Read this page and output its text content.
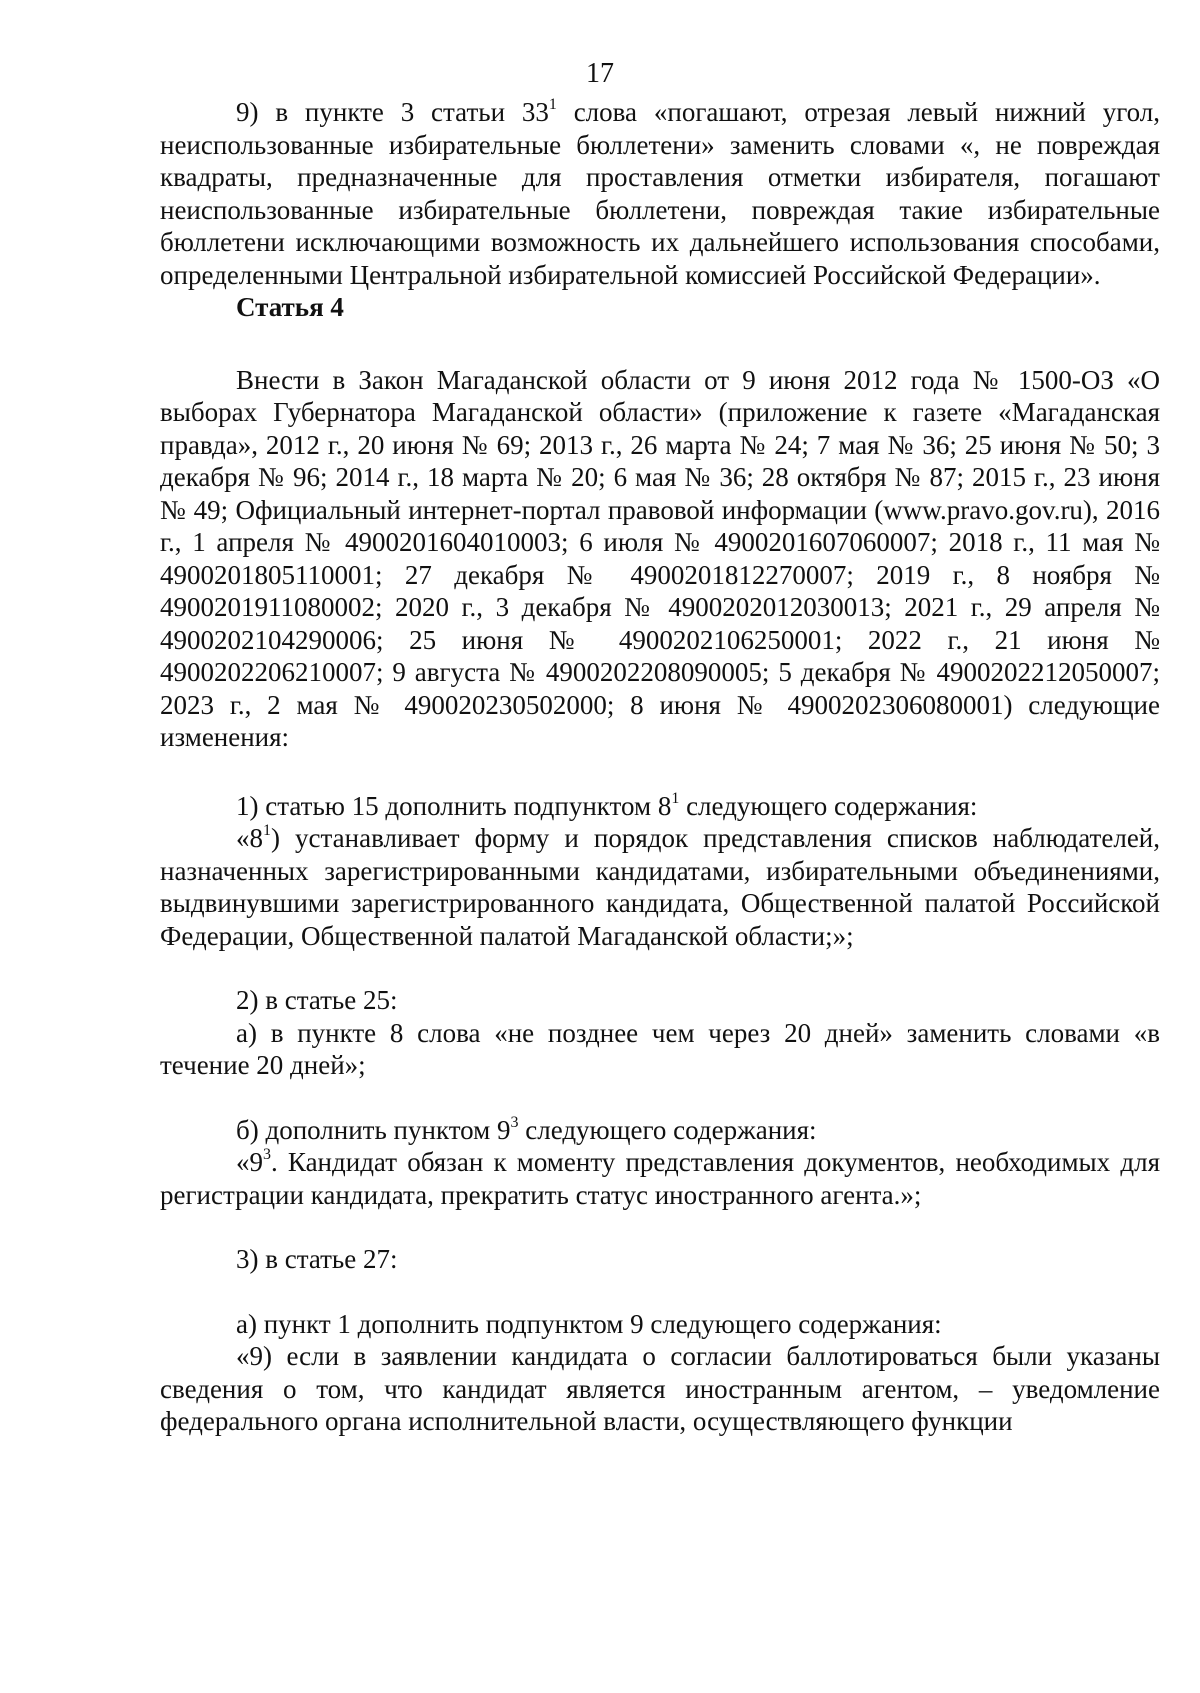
17

9) в пункте 3 статьи $33^1$ слова «погашают, отрезая левый нижний угол, неиспользованные избирательные бюллетени» заменить словами «, не повреждая квадраты, предназначенные для проставления отметки избирателя, погашают неиспользованные избирательные бюллетени, повреждая такие избирательные бюллетени исключающими возможность их дальнейшего использования способами, определенными Центральной избирательной комиссией Российской Федерации».

Статья 4

Внести в Закон Магаданской области от 9 июня 2012 года № 1500-ОЗ «О выборах Губернатора Магаданской области» (приложение к газете «Магаданская правда», 2012 г., 20 июня № 69; 2013 г., 26 марта № 24; 7 мая № 36; 25 июня № 50; 3 декабря № 96; 2014 г., 18 марта № 20; 6 мая № 36; 28 октября № 87; 2015 г., 23 июня № 49; Официальный интернет-портал правовой информации (www.pravo.gov.ru), 2016 г., 1 апреля № 4900201604010003; 6 июля № 4900201607060007; 2018 г., 11 мая № 4900201805110001; 27 декабря № 4900201812270007; 2019 г., 8 ноября № 4900201911080002; 2020 г., 3 декабря № 4900202012030013; 2021 г., 29 апреля № 4900202104290006; 25 июня № 4900202106250001; 2022 г., 21 июня № 4900202206210007; 9 августа № 4900202208090005; 5 декабря № 4900202212050007; 2023 г., 2 мая № 490020230502000; 8 июня № 4900202306080001) следующие изменения:

1) статью 15 дополнить подпунктом $8^1$ следующего содержания:

«$8^1$) устанавливает форму и порядок представления списков наблюдателей, назначенных зарегистрированными кандидатами, избирательными объединениями, выдвинувшими зарегистрированного кандидата, Общественной палатой Российской Федерации, Общественной палатой Магаданской области;»;

2) в статье 25:

а) в пункте 8 слова «не позднее чем через 20 дней» заменить словами «в течение 20 дней»;

б) дополнить пунктом $9^3$ следующего содержания:

«$9^3$. Кандидат обязан к моменту представления документов, необходимых для регистрации кандидата, прекратить статус иностранного агента.»;

3) в статье 27:

а) пункт 1 дополнить подпунктом 9 следующего содержания:

«9) если в заявлении кандидата о согласии баллотироваться были указаны сведения о том, что кандидат является иностранным агентом, – уведомление федерального органа исполнительной власти, осуществляющего функции
